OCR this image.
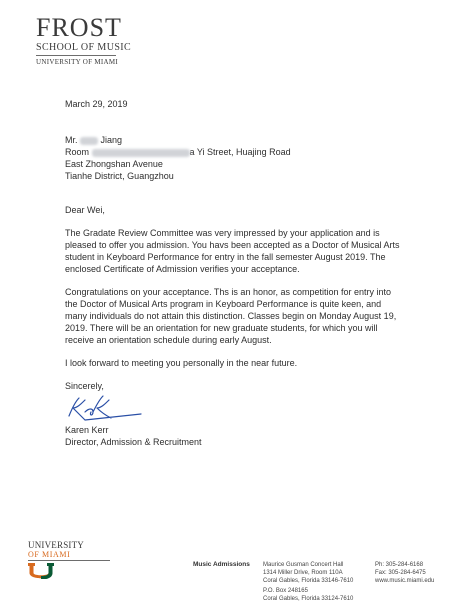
FROST
SCHOOL OF MUSIC
UNIVERSITY OF MIAMI

March 29, 2019

Mr.	Jiang
Room	a Yi Street, Huajing Road
East Zhongshan Avenue
Tianhe District, Guangzhou

Dear Wei,

The Gradate Review Committee was very impressed by your application and is pleased to offer you admission. You havs been accepted as a Doctor of Musical Arts student in Keyboard Performance for entry in the fall semester August 2019. The enclosed Certificate of Admission verifies your acceptance.

Congratulations on your acceptance. Ths is an honor, as competition for entry into the Doctor of Musical Arts program in Keyboard Performance is quite keen, and many individuals do not attain this distinction. Classes begin on Monday August 19, 2019. There will be an orientation for new graduate students, for which you will receive an orientation schedule during early August.

I look forward to meeting you personally in the near future.

Sincerely,

Karen Kerr

Director, Admission & Recruitment

UNIVERSITY
OF MIAMI
Music Admissions Maurice Gusman Concert Hall
1314 Miller Drive, Room 110A
Coral Gables, Florida 33146-7610
P.O. Box 248165
Coral Gables, Florida 33124-7610
Ph: 305-284-6168
Fax: 305-284-6475
www.music.miami.edu
